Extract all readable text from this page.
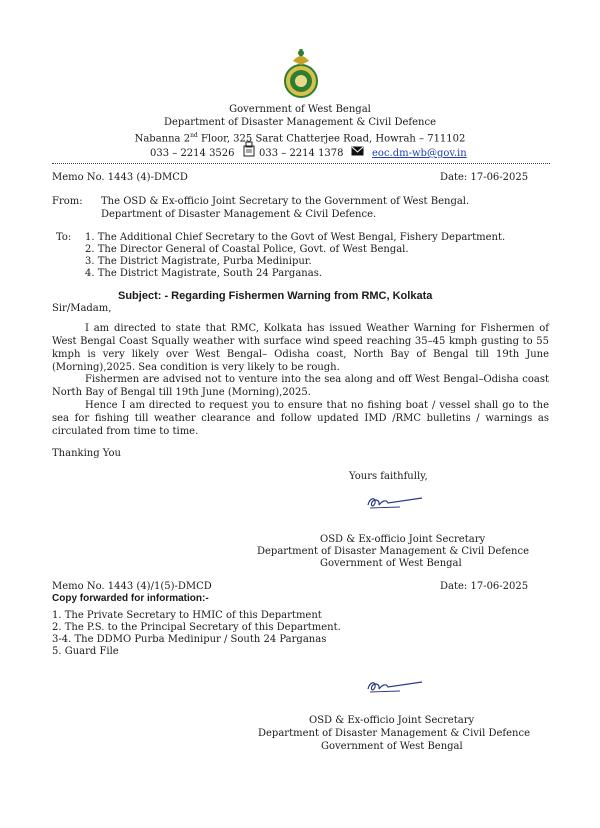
Government of West Bengal
Department of Disaster Management & Civil Defence
Nabanna 2nd Floor, 325 Sarat Chatterjee Road, Howrah – 711102
033 – 2214 3526 033 – 2214 1378	eoc.dm-wb@gov.in
Memo No. 1443 (4)-DMCD	Date: 17-06-2025
From: The OSD & Ex-officio Joint Secretary to the Government of West Bengal.
Department of Disaster Management & Civil Defence.
To: 1. The Additional Chief Secretary to the Govt of West Bengal, Fishery Department.
2. The Director General of Coastal Police, Govt. of West Bengal.
3. The District Magistrate, Purba Medinipur.
4. The District Magistrate, South 24 Parganas.
Subject: - Regarding Fishermen Warning from RMC, Kolkata
Sir/Madam,
I am directed to state that RMC, Kolkata has issued Weather Warning for Fishermen of West Bengal Coast Squally weather with surface wind speed reaching 35–45 kmph gusting to 55 kmph is very likely over West Bengal– Odisha coast, North Bay of Bengal till 19th June (Morning),2025. Sea condition is very likely to be rough.
Fishermen are advised not to venture into the sea along and off West Bengal–Odisha coast North Bay of Bengal till 19th June (Morning),2025.
Hence I am directed to request you to ensure that no fishing boat / vessel shall go to the sea for fishing till weather clearance and follow updated IMD /RMC bulletins / warnings as circulated from time to time.
Thanking You
Yours faithfully,
OSD & Ex-officio Joint Secretary
Department of Disaster Management & Civil Defence
Government of West Bengal
Memo No. 1443 (4)/1(5)-DMCD	Date: 17-06-2025
Copy forwarded for information:-
1. The Private Secretary to HMIC of this Department
2. The P.S. to the Principal Secretary of this Department.
3-4. The DDMO Purba Medinipur / South 24 Parganas
5. Guard File
OSD & Ex-officio Joint Secretary
Department of Disaster Management & Civil Defence
Government of West Bengal
